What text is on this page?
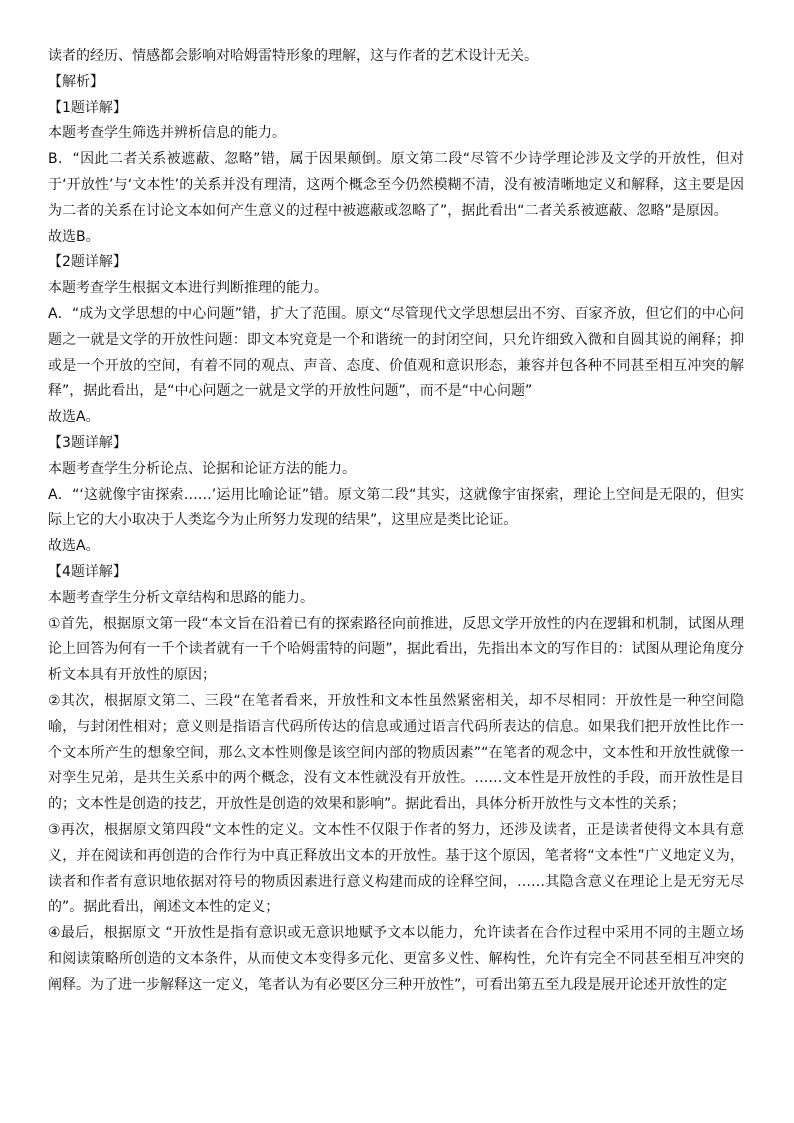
读者的经历、情感都会影响对哈姆雷特形象的理解，这与作者的艺术设计无关。

【解析】

【1题详解】

本题考查学生筛选并辨析信息的能力。

B．“因此二者关系被遮蔽、忽略”错，属于因果颠倒。原文第二段“尽管不少诗学理论涉及文学的开放性，但对于‘开放性’与‘文本性’的关系并没有理清，这两个概念至今仍然模糊不清，没有被清晰地定义和解释，这主要是因为二者的关系在讨论文本如何产生意义的过程中被遮蔽或忽略了”，据此看出“二者关系被遮蔽、忽略”是原因。

故选B。

【2题详解】

本题考查学生根据文本进行判断推理的能力。

A．“成为文学思想的中心问题”错，扩大了范围。原文“尽管现代文学思想层出不穷、百家齐放，但它们的中心问题之一就是文学的开放性问题：即文本究竟是一个和谐统一的封闭空间，只允许细致入微和自圆其说的阐释；抑或是一个开放的空间，有着不同的观点、声音、态度、价值观和意识形态，兼容并包各种不同甚至相互冲突的解释”，据此看出，是“中心问题之一就是文学的开放性问题”，而不是“中心问题”

故选A。

【3题详解】

本题考查学生分析论点、论据和论证方法的能力。

A．“‘这就像宇宙探索……’运用比喻论证”错。原文第二段“其实，这就像宇宙探索，理论上空间是无限的，但实际上它的大小取决于人类迄今为止所努力发现的结果”，这里应是类比论证。

故选A。

【4题详解】

本题考查学生分析文章结构和思路的能力。

①首先，根据原文第一段“本文旨在沿着已有的探索路径向前推进，反思文学开放性的内在逻辑和机制，试图从理论上回答为何有一千个读者就有一千个哈姆雷特的问题”，据此看出，先指出本文的写作目的：试图从理论角度分析文本具有开放性的原因；

②其次，根据原文第二、三段“在笔者看来，开放性和文本性虽然紧密相关，却不尽相同：开放性是一种空间隐喻，与封闭性相对；意义则是指语言代码所传达的信息或通过语言代码所表达的信息。如果我们把开放性比作一个文本所产生的想象空间，那么文本性则像是该空间内部的物质因素”“在笔者的观念中，文本性和开放性就像一对孪生兄弟，是共生关系中的两个概念，没有文本性就没有开放性。……文本性是开放性的手段，而开放性是目的；文本性是创造的技艺，开放性是创造的效果和影响”。据此看出，具体分析开放性与文本性的关系；

③再次，根据原文第四段“文本性的定义。文本性不仅限于作者的努力，还涉及读者，正是读者使得文本具有意义，并在阅读和再创造的合作行为中真正释放出文本的开放性。基于这个原因，笔者将“文本性”广义地定义为，读者和作者有意识地依据对符号的物质因素进行意义构建而成的诠释空间，……其隐含意义在理论上是无穷无尽的”。据此看出，阐述文本性的定义；

④最后，根据原文 “开放性是指有意识或无意识地赋予文本以能力，允许读者在合作过程中采用不同的主题立场和阅读策略所创造的文本条件，从而使文本变得多元化、更富多义性、解构性，允许有完全不同甚至相互冲突的阐释。为了进一步解释这一定义，笔者认为有必要区分三种开放性”，可看出第五至九段是展开论述开放性的定
